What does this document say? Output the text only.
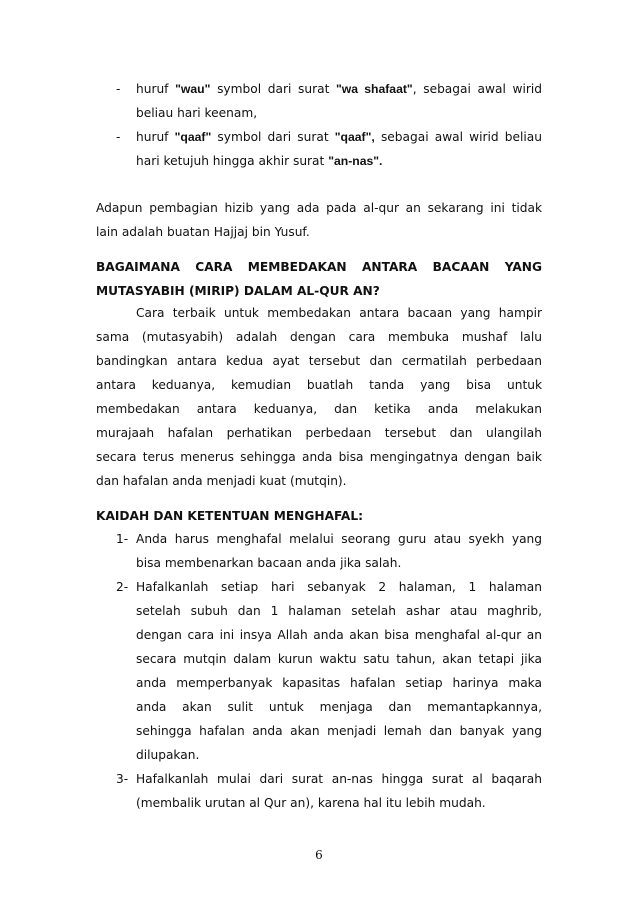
- huruf "wau" symbol dari surat "wa shafaat", sebagai awal wirid

beliau hari keenam,

- huruf "qaaf" symbol dari surat "qaaf", sebagai awal wirid beliau

hari ketujuh hingga akhir surat "an-nas".

Adapun pembagian hizib yang ada pada al-qur an sekarang ini tidak

lain adalah buatan Hajjaj bin Yusuf.

BAGAIMANA CARA MEMBEDAKAN ANTARA BACAAN YANG

MUTASYABIH (MIRIP) DALAM AL-QUR AN?

Cara terbaik untuk membedakan antara bacaan yang hampir

sama (mutasyabih) adalah dengan cara membuka mushaf lalu

bandingkan antara kedua ayat tersebut dan cermatilah perbedaan

antara keduanya, kemudian buatlah tanda yang bisa untuk

membedakan antara keduanya, dan ketika anda melakukan

murajaah hafalan perhatikan perbedaan tersebut dan ulangilah

secara terus menerus sehingga anda bisa mengingatnya dengan baik

dan hafalan anda menjadi kuat (mutqin).

KAIDAH DAN KETENTUAN MENGHAFAL:

1- Anda harus menghafal melalui seorang guru atau syekh yang

bisa membenarkan bacaan anda jika salah.

2- Hafalkanlah setiap hari sebanyak 2 halaman, 1 halaman

setelah subuh dan 1 halaman setelah ashar atau maghrib,

dengan cara ini insya Allah anda akan bisa menghafal al-qur an

secara mutqin dalam kurun waktu satu tahun, akan tetapi jika

anda memperbanyak kapasitas hafalan setiap harinya maka

anda akan sulit untuk menjaga dan memantapkannya,

sehingga hafalan anda akan menjadi lemah dan banyak yang

dilupakan.

3- Hafalkanlah mulai dari surat an-nas hingga surat al baqarah

(membalik urutan al Qur an), karena hal itu lebih mudah.

6
